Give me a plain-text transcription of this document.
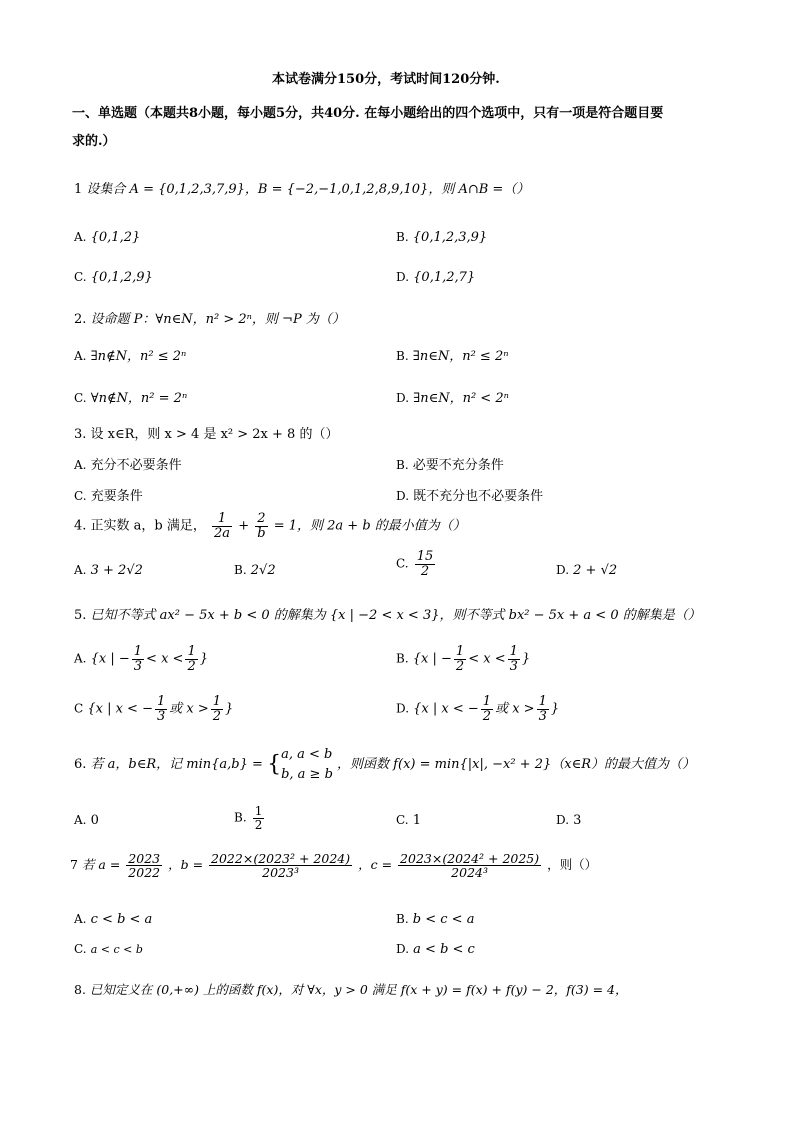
本试卷满分150分，考试时间120分钟.
一、单选题（本题共8小题，每小题5分，共40分. 在每小题给出的四个选项中，只有一项是符合题目要
求的.）
1 设集合 A = {0,1,2,3,7,9}，B = {−2,−1,0,1,2,8,9,10}，则 A∩B =（）
A. {0,1,2}	B. {0,1,2,3,9}
C. {0,1,2,9}	D. {0,1,2,7}
2. 设命题 P：∀n∈N，n² > 2ⁿ，则 ¬P 为（）
A. ∃n∉N，n² ≤ 2ⁿ	B. ∃n∈N，n² ≤ 2ⁿ
C. ∀n∉N，n² = 2ⁿ	D. ∃n∈N，n² < 2ⁿ
3. 设 x∈R，则 x > 4 是 x² > 2x + 8 的（）
A. 充分不必要条件	B. 必要不充分条件
C. 充要条件	D. 既不充分也不必要条件
4. 正实数 a，b 满足， $\frac{1}{2a} + \frac{2}{b} = 1$，则 2a + b 的最小值为（）
A. 3 + 2√2	B. 2√2	C. $\frac{15}{2}$	D. 2 + √2
5. 已知不等式 ax² − 5x + b < 0 的解集为 {x | −2 < x < 3}，则不等式 bx² − 5x + a < 0 的解集是（）
A. {x | − $\frac{1}{3} < x < \frac{1}{2}$ }	B. {x | − $\frac{1}{2} < x < \frac{1}{3}$ }
C {x | x < − $\frac{1}{3}$ 或 $x > \frac{1}{2}$ }	D. {x | x < − $\frac{1}{2}$ 或 $x > \frac{1}{3}$ }
6. 若 a，b∈R，记 min{a,b} = { a, a < b
b, a ≥ b
，则函数 f(x) = min{|x|, −x² + 2}（x∈R）的最大值为（）
A. 0	B. $\frac{1}{2}$	C. 1	D. 3
7 若 $a = \frac{2023}{2022}$ ，$b = \frac{\text{2022×(2023² + 2024)}}{\text{2023³}}$ ，$c = \frac{\text{2023×(2024² + 2025)}}{\text{2024³}}$ ，则（）
A. c < b < a	B. b < c < a
C. a < c < b	D. a < b < c
8. 已知定义在 (0,+∞) 上的函数 f(x)，对 ∀x，y > 0 满足 f(x + y) = f(x) + f(y) − 2，f(3) = 4，
